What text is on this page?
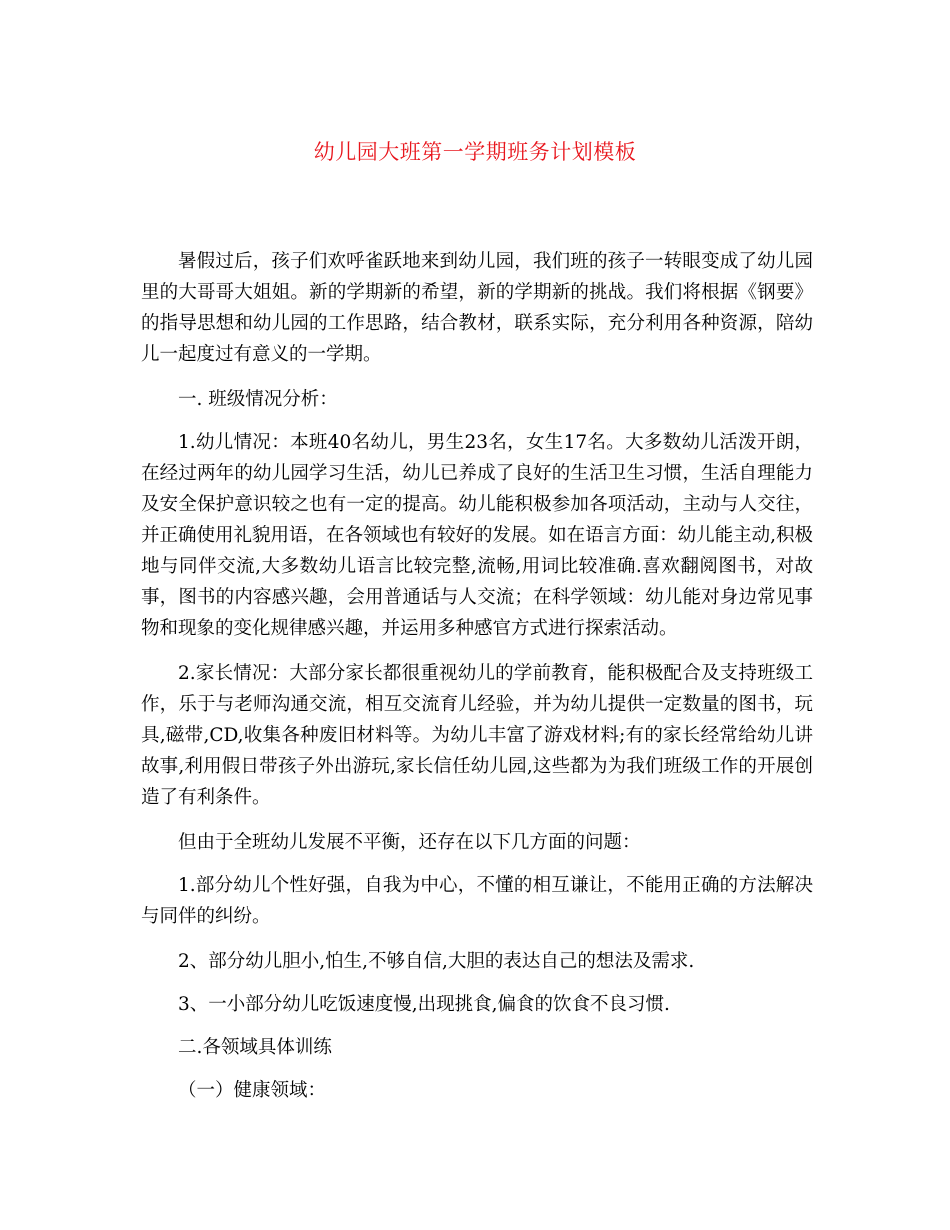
幼儿园大班第一学期班务计划模板

暑假过后，孩子们欢呼雀跃地来到幼儿园，我们班的孩子一转眼变成了幼儿园里的大哥哥大姐姐。新的学期新的希望，新的学期新的挑战。我们将根据《钢要》的指导思想和幼儿园的工作思路，结合教材，联系实际，充分利用各种资源，陪幼儿一起度过有意义的一学期。

一. 班级情况分析：

1.幼儿情况：本班40名幼儿，男生23名，女生17名。大多数幼儿活泼开朗，在经过两年的幼儿园学习生活，幼儿已养成了良好的生活卫生习惯，生活自理能力及安全保护意识较之也有一定的提高。幼儿能积极参加各项活动，主动与人交往，并正确使用礼貌用语，在各领域也有较好的发展。如在语言方面：幼儿能主动,积极地与同伴交流,大多数幼儿语言比较完整,流畅,用词比较准确.喜欢翻阅图书，对故事，图书的内容感兴趣，会用普通话与人交流；在科学领域：幼儿能对身边常见事物和现象的变化规律感兴趣，并运用多种感官方式进行探索活动。

2.家长情况：大部分家长都很重视幼儿的学前教育，能积极配合及支持班级工作，乐于与老师沟通交流，相互交流育儿经验，并为幼儿提供一定数量的图书，玩具,磁带,CD,收集各种废旧材料等。为幼儿丰富了游戏材料;有的家长经常给幼儿讲故事,利用假日带孩子外出游玩,家长信任幼儿园,这些都为为我们班级工作的开展创造了有利条件。

但由于全班幼儿发展不平衡，还存在以下几方面的问题：

1.部分幼儿个性好强，自我为中心，不懂的相互谦让，不能用正确的方法解决与同伴的纠纷。

2、部分幼儿胆小,怕生,不够自信,大胆的表达自己的想法及需求.

3、一小部分幼儿吃饭速度慢,出现挑食,偏食的饮食不良习惯.

二.各领域具体训练

（一）健康领域：
